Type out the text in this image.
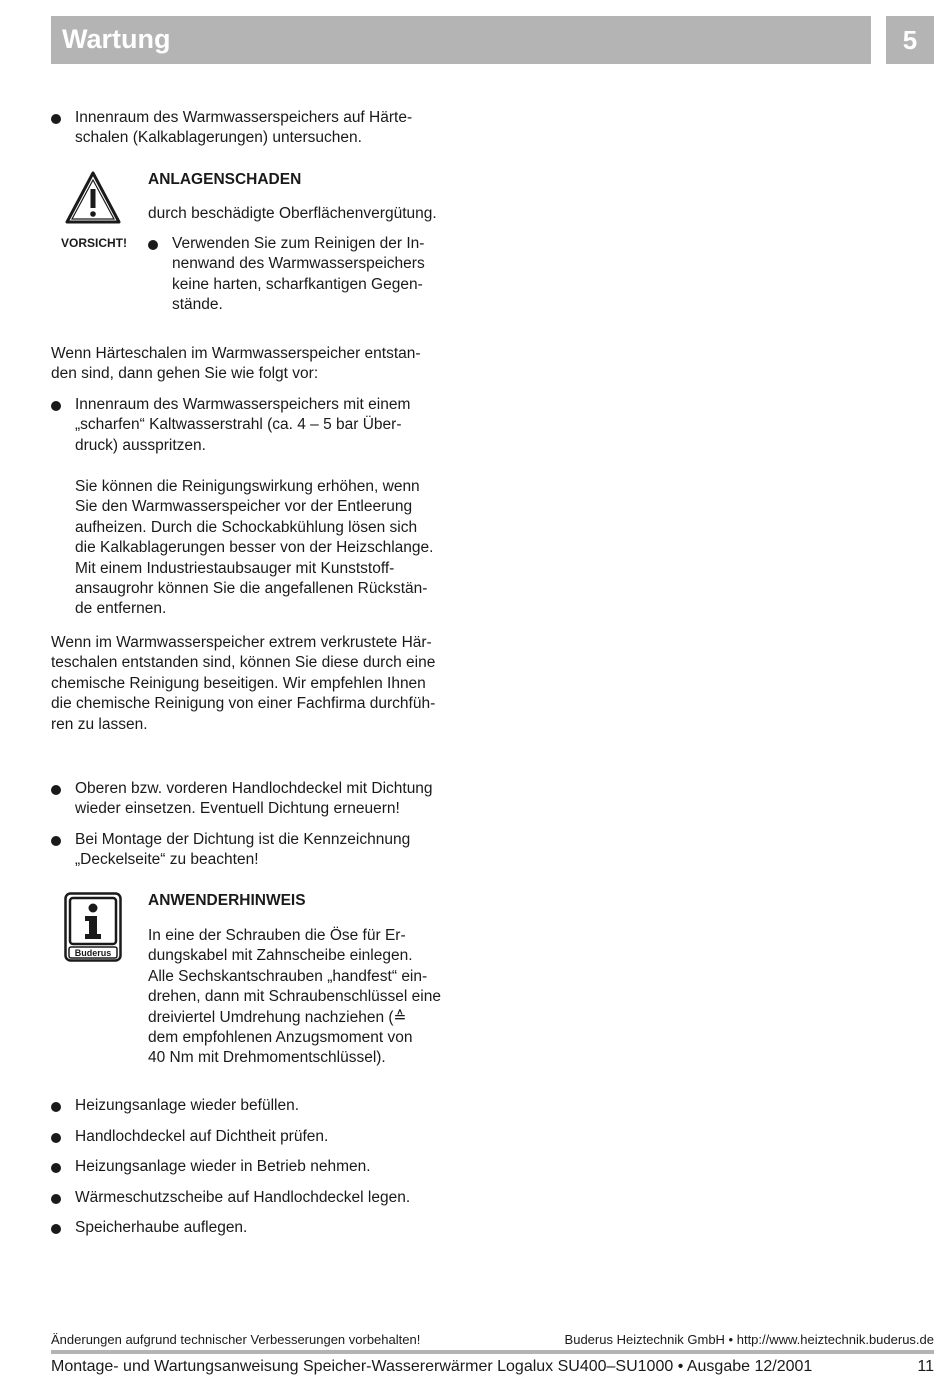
Wartung	5
Innenraum des Warmwasserspeichers auf Härte-
schalen (Kalkablagerungen) untersuchen.
VORSICHT!
ANLAGENSCHADEN
durch beschädigte Oberflächenvergütung.
Verwenden Sie zum Reinigen der In-
nenwand des Warmwasserspeichers
keine harten, scharfkantigen Gegen-
stände.
Wenn Härteschalen im Warmwasserspeicher entstan-
den sind, dann gehen Sie wie folgt vor:
Innenraum des Warmwasserspeichers mit einem
„scharfen“ Kaltwasserstrahl (ca. 4 – 5 bar Über-
druck) ausspritzen.
Sie können die Reinigungswirkung erhöhen, wenn
Sie den Warmwasserspeicher vor der Entleerung
aufheizen. Durch die Schockabkühlung lösen sich
die Kalkablagerungen besser von der Heizschlange.
Mit einem Industriestaubsauger mit Kunststoff-
ansaugrohr können Sie die angefallenen Rückstän-
de entfernen.
Wenn im Warmwasserspeicher extrem verkrustete Här-
teschalen entstanden sind, können Sie diese durch eine
chemische Reinigung beseitigen. Wir empfehlen Ihnen
die chemische Reinigung von einer Fachfirma durchfüh-
ren zu lassen.
Oberen bzw. vorderen Handlochdeckel mit Dichtung
wieder einsetzen. Eventuell Dichtung erneuern!
Bei Montage der Dichtung ist die Kennzeichnung
„Deckelseite“ zu beachten!
Buderus
ANWENDERHINWEIS
In eine der Schrauben die Öse für Er-
dungskabel mit Zahnscheibe einlegen.
Alle Sechskantschrauben „handfest“ ein-
drehen, dann mit Schraubenschlüssel eine
dreiviertel Umdrehung nachziehen (≙
dem empfohlenen Anzugsmoment von
40 Nm mit Drehmomentschlüssel).
Heizungsanlage wieder befüllen.
Handlochdeckel auf Dichtheit prüfen.
Heizungsanlage wieder in Betrieb nehmen.
Wärmeschutzscheibe auf Handlochdeckel legen.
Speicherhaube auflegen.
Änderungen aufgrund technischer Verbesserungen vorbehalten!	Buderus Heiztechnik GmbH • http://www.heiztechnik.buderus.de
Montage- und Wartungsanweisung Speicher-Wassererwärmer Logalux SU400–SU1000 • Ausgabe 12/2001	11
